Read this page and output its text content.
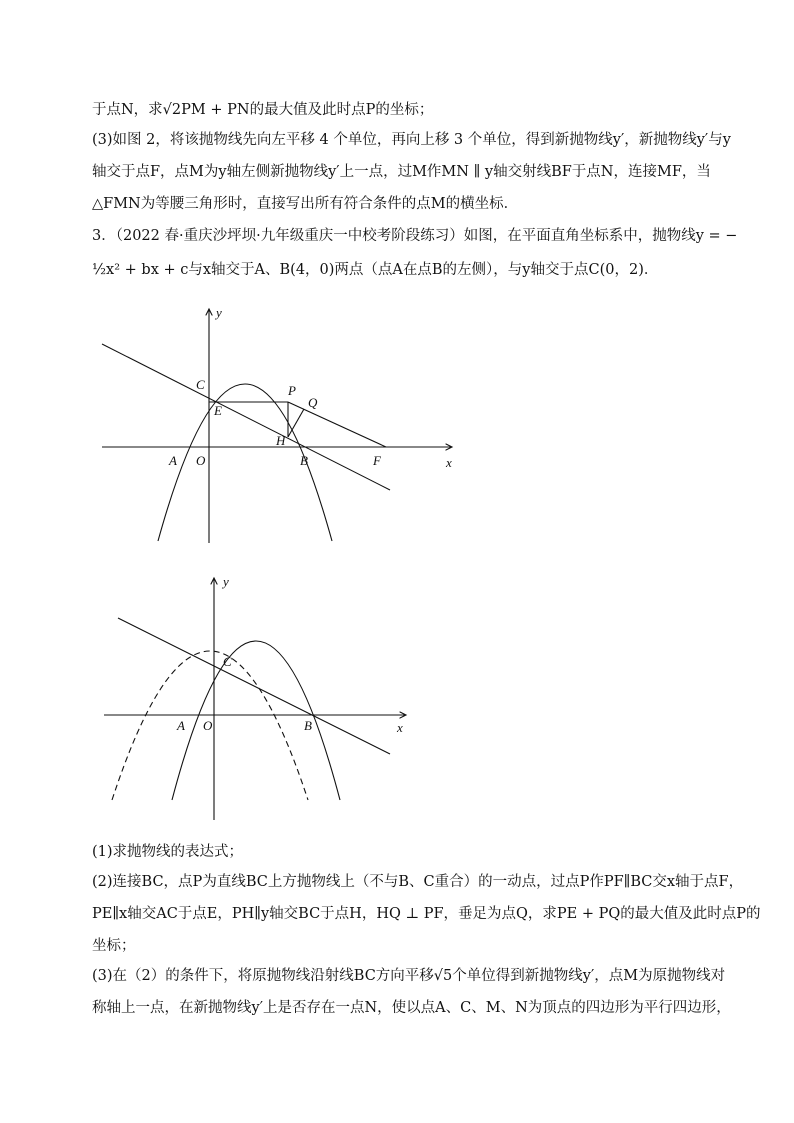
于点N，求√2PM + PN的最大值及此时点P的坐标；
(3)如图 2，将该抛物线先向左平移 4 个单位，再向上移 3 个单位，得到新抛物线y′，新抛物线y′与y
轴交于点F，点M为y轴左侧新抛物线y′上一点，过M作MN ∥ y轴交射线BF于点N，连接MF，当
△FMN为等腰三角形时，直接写出所有符合条件的点M的横坐标．
3．（2022 春·重庆沙坪坝·九年级重庆一中校考阶段练习）如图，在平面直角坐标系中，抛物线y = −
½x² + bx + c与x轴交于A、B(4，0)两点（点A在点B的左侧），与y轴交于点C(0，2)．
y
x
C	P
Q
E
H
A O	B	F
y
x
C
A O	B
(1)求抛物线的表达式；
(2)连接BC，点P为直线BC上方抛物线上（不与B、C重合）的一动点，过点P作PF∥BC交x轴于点F，
PE∥x轴交AC于点E，PH∥y轴交BC于点H，HQ ⊥ PF，垂足为点Q，求PE + PQ的最大值及此时点P的
坐标；
(3)在（2）的条件下，将原抛物线沿射线BC方向平移√5个单位得到新抛物线y′，点M为原抛物线对
称轴上一点，在新抛物线y′上是否存在一点N，使以点A、C、M、N为顶点的四边形为平行四边形，
